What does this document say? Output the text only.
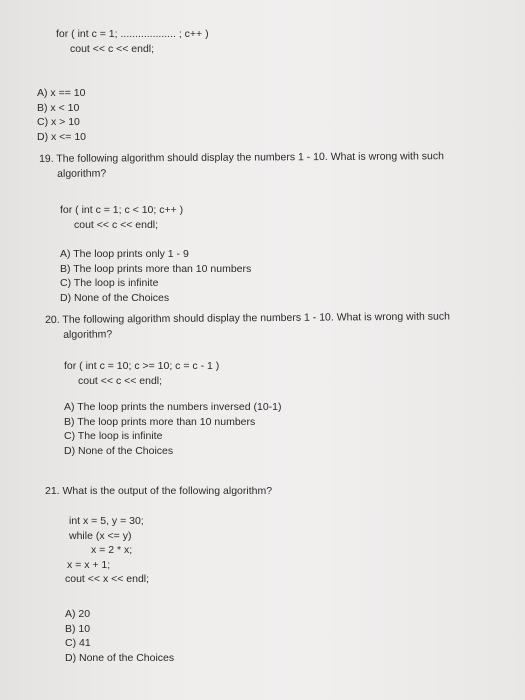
for ( int c = 1; ................... ; c++ )
cout << c << endl;
A) x == 10
B) x < 10
C) x > 10
D) x <= 10
19. The following algorithm should display the numbers 1 - 10. What is wrong with such
algorithm?
for ( int c = 1; c < 10; c++ )
cout << c << endl;
A) The loop prints only 1 - 9
B) The loop prints more than 10 numbers
C) The loop is infinite
D) None of the Choices
20. The following algorithm should display the numbers 1 - 10. What is wrong with such
algorithm?
for ( int c = 10; c >= 10; c = c - 1 )
cout << c << endl;
A) The loop prints the numbers inversed (10-1)
B) The loop prints more than 10 numbers
C) The loop is infinite
D) None of the Choices
21. What is the output of the following algorithm?
int x = 5, y = 30;
while (x <= y)
x = 2 * x;
x = x + 1;
cout << x << endl;
A) 20
B) 10
C) 41
D) None of the Choices
